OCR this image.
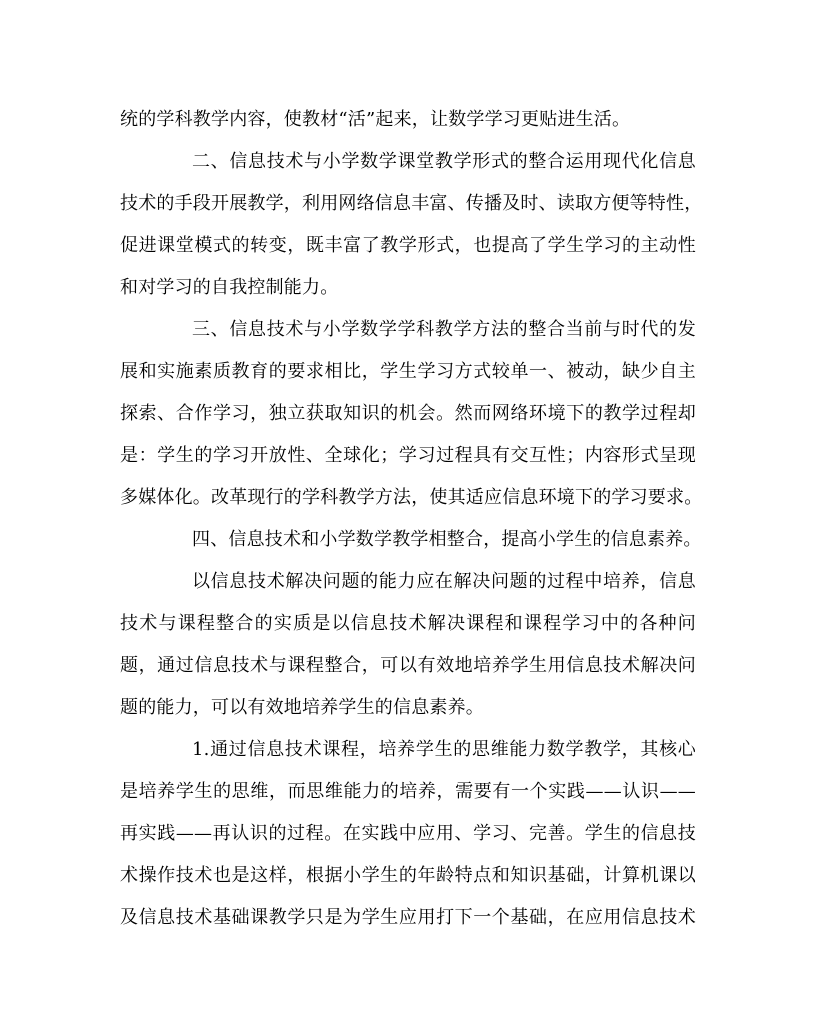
统的学科教学内容，使教材“活”起来，让数学学习更贴进生活。
二、信息技术与小学数学课堂教学形式的整合运用现代化信息
技术的手段开展教学，利用网络信息丰富、传播及时、读取方便等特性，
促进课堂模式的转变，既丰富了教学形式，也提高了学生学习的主动性
和对学习的自我控制能力。
三、信息技术与小学数学学科教学方法的整合当前与时代的发
展和实施素质教育的要求相比，学生学习方式较单一、被动，缺少自主
探索、合作学习，独立获取知识的机会。然而网络环境下的教学过程却
是：学生的学习开放性、全球化；学习过程具有交互性；内容形式呈现
多媒体化。改革现行的学科教学方法，使其适应信息环境下的学习要求。
四、信息技术和小学数学教学相整合，提高小学生的信息素养。
以信息技术解决问题的能力应在解决问题的过程中培养，信息
技术与课程整合的实质是以信息技术解决课程和课程学习中的各种问
题，通过信息技术与课程整合，可以有效地培养学生用信息技术解决问
题的能力，可以有效地培养学生的信息素养。
1.通过信息技术课程，培养学生的思维能力数学教学，其核心
是培养学生的思维，而思维能力的培养，需要有一个实践——认识——
再实践——再认识的过程。在实践中应用、学习、完善。学生的信息技
术操作技术也是这样，根据小学生的年龄特点和知识基础，计算机课以
及信息技术基础课教学只是为学生应用打下一个基础，在应用信息技术
